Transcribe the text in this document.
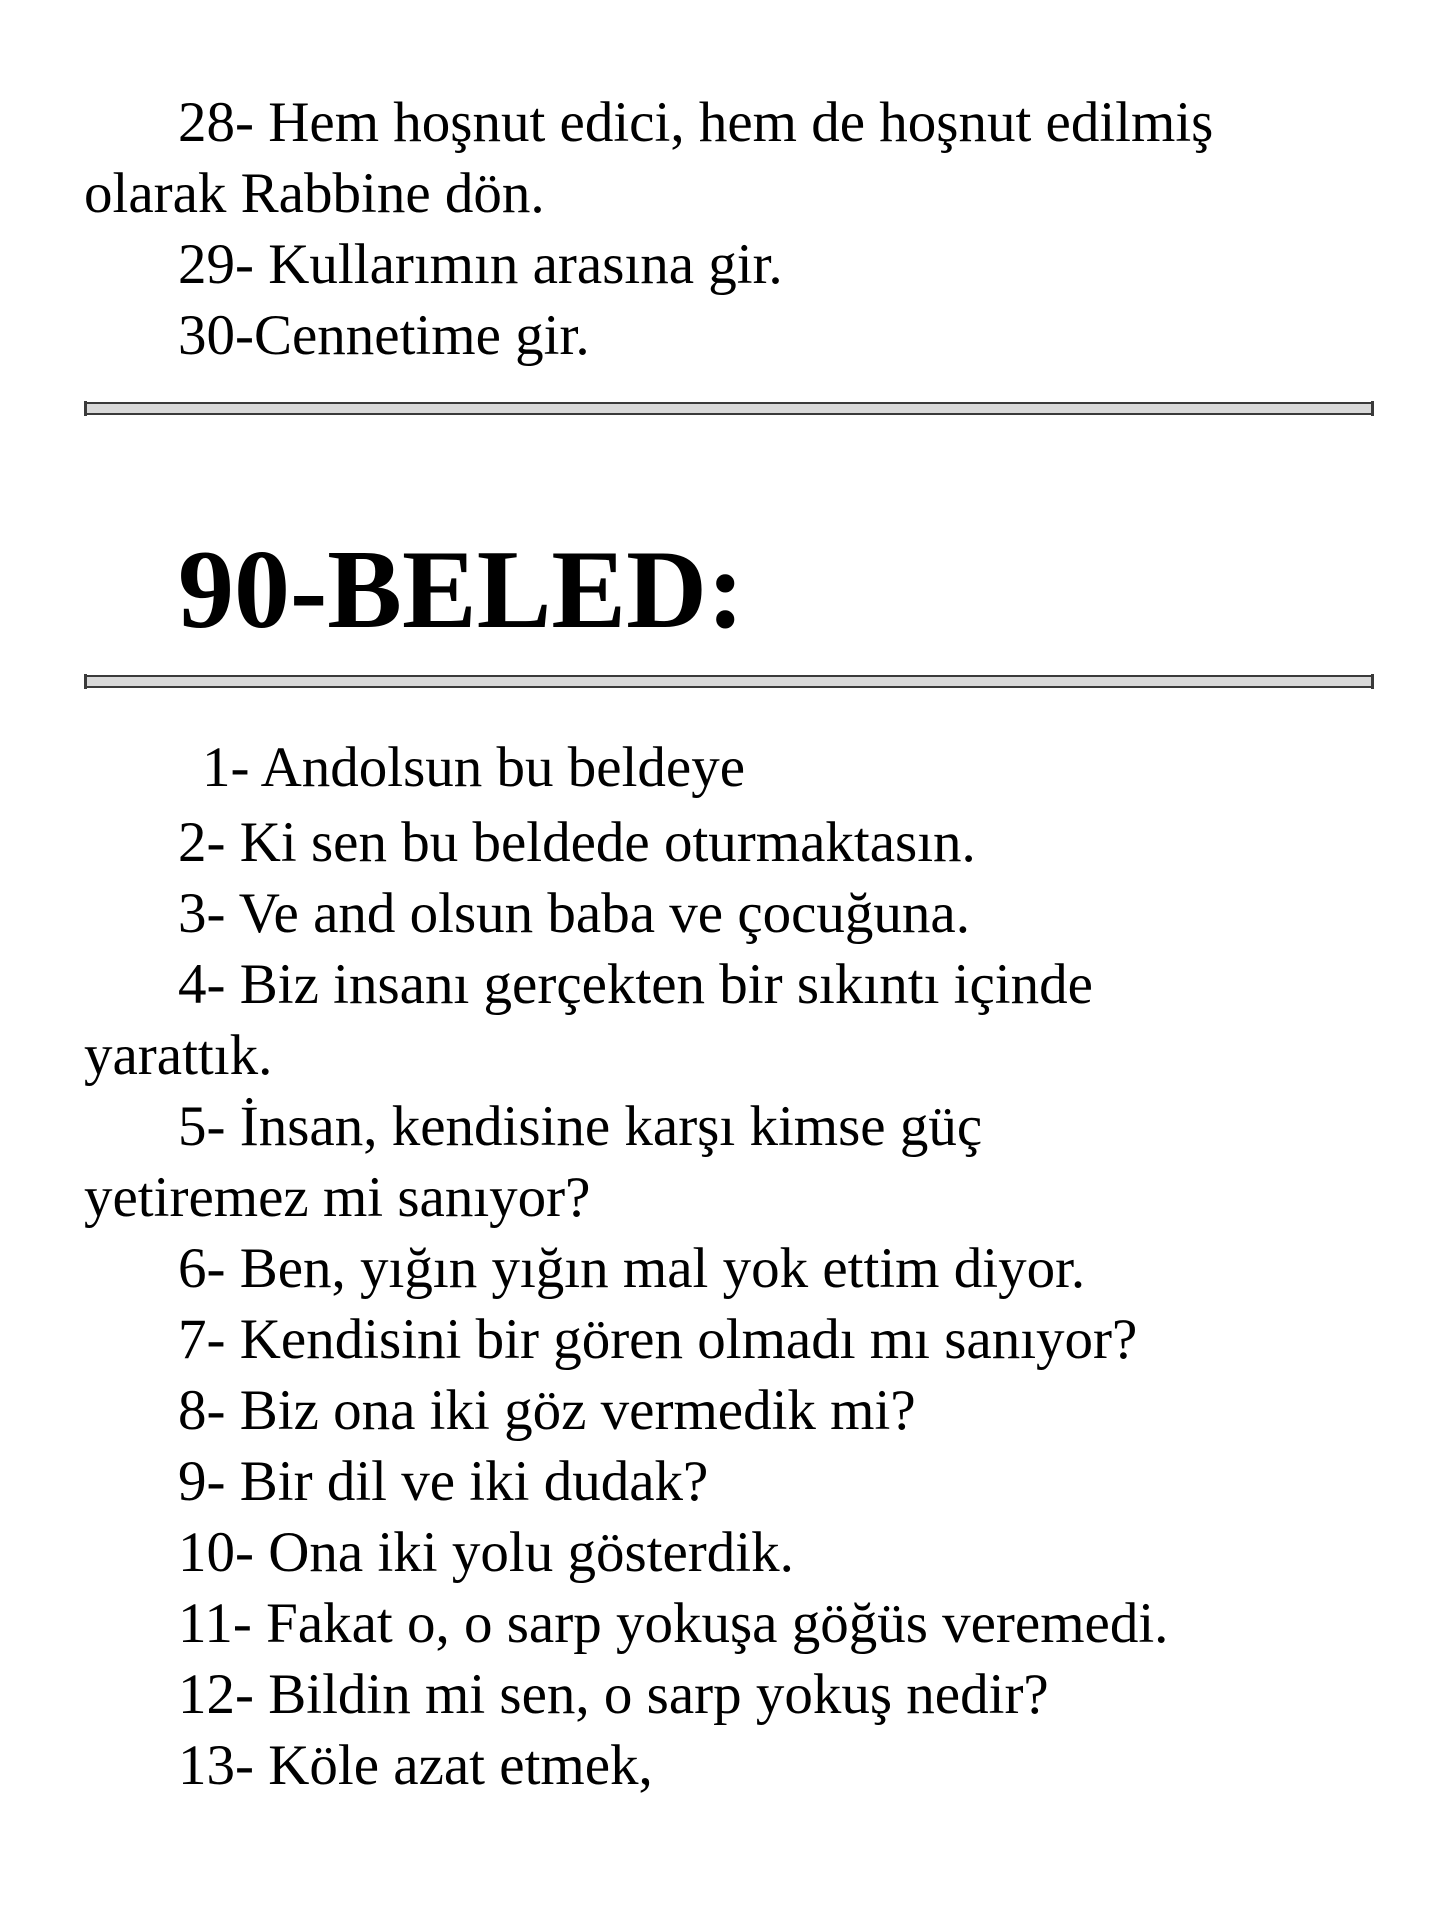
28- Hem hoşnut edici, hem de hoşnut edilmiş
olarak Rabbine dön.
29- Kullarımın arasına gir.
30-Cennetime gir.
90-BELED:
1- Andolsun bu beldeye
2- Ki sen bu beldede oturmaktasın.
3- Ve and olsun baba ve çocuğuna.
4- Biz insanı gerçekten bir sıkıntı içinde
yarattık.
5- İnsan, kendisine karşı kimse güç
yetiremez mi sanıyor?
6- Ben, yığın yığın mal yok ettim diyor.
7- Kendisini bir gören olmadı mı sanıyor?
8- Biz ona iki göz vermedik mi?
9- Bir dil ve iki dudak?
10- Ona iki yolu gösterdik.
11- Fakat o, o sarp yokuşa göğüs veremedi.
12- Bildin mi sen, o sarp yokuş nedir?
13- Köle azat etmek,
